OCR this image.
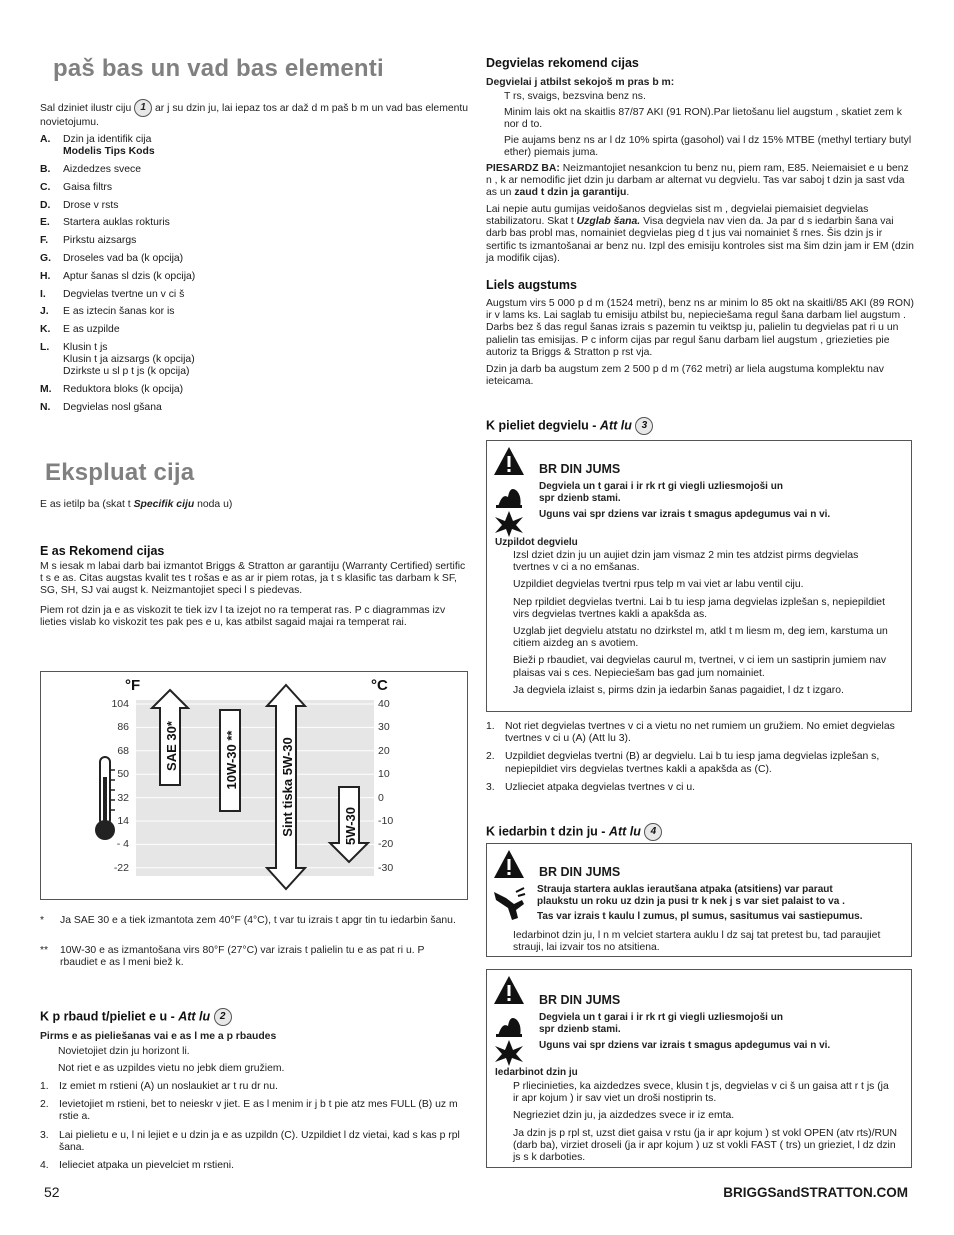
paš bas un vad bas elementi
Sal dziniet ilustr ciju 1 ar j su dzin ju, lai iepaz tos ar daž d m paš b m un vad bas elementu novietojumu.
A.	Dzin ja identifik cija
Modelis Tips Kods
B.	Aizdedzes svece
C.	Gaisa filtrs
D.	Drose v rsts
E.	Startera auklas rokturis
F.	Pirkstu aizsargs
G.	Droseles vad ba (k opcija)
H.	Aptur šanas sl dzis (k opcija)
I.	Degvielas tvertne un v ci š
J.	E as iztecin šanas kor is
K.	E as uzpilde
L.	Klusin t js
Klusin t ja aizsargs (k opcija)
Dzirkste u sl p t js (k opcija)
M.	Reduktora bloks (k opcija)
N.	Degvielas nosl gšana
Ekspluat cija
E as ietilp ba (skat t Specifik ciju noda u)
E as Rekomend cijas
M s iesak m labai darb bai izmantot Briggs & Stratton ar garantiju (Warranty Certified) sertific t s e as. Citas augstas kvalit tes t rošas e as ar ir piem rotas, ja t s klasific tas darbam k SF, SG, SH, SJ vai augst k. Neizmantojiet speci l s piedevas.
Piem rot dzin ja e as viskozit te tiek izv l ta izejot no ra temperat ras. P c diagrammas izv lieties vislab ko viskozit tes pak pes e u, kas atbilst sagaid majai ra temperat rai.
SAE 30*	10W-30 **	Sint tiska 5W-30	5W-30
°F	°C
104
86
68
50
32
14
- 4
-22
40
30
20
10
0
-10
-20
-30
*	Ja SAE 30 e a tiek izmantota zem 40°F (4°C), t var tu izrais t apgr tin tu iedarbin šanu.
**	10W-30 e as izmantošana virs 80°F (27°C) var izrais t palielin tu e as pat ri u. P rbaudiet e as l meni biež k.
K p rbaud t/pieliet e u - Att lu 2
Pirms e as pieliešanas vai e as l me a p rbaudes
Novietojiet dzin ju horizont li.
Not riet e as uzpildes vietu no jebk diem gružiem.
1. Iz emiet m rstieni (A) un noslaukiet ar t ru dr nu.
2. Ievietojiet m rstieni, bet to neieskr v jiet. E as l menim ir j b t pie atz mes FULL (B) uz m rstie a.
3. Lai pielietu e u, l ni lejiet e u dzin ja e as uzpildn (C). Uzpildiet l dz vietai, kad s kas p rpl šana.
4. Ielieciet atpaka un pievelciet m rstieni.
Degvielas rekomend cijas
Degvielai j atbilst sekojoš m pras b m:
T rs, svaigs, bezsvina benz ns.
Minim lais okt na skaitlis 87/87 AKI (91 RON).Par lietošanu liel augstum , skatiet zem k nor d to.
Pie aujams benz ns ar l dz 10% spirta (gasohol) vai l dz 15% MTBE (methyl tertiary butyl ether) piemais juma.
PIESARDZ BA: Neizmantojiet nesankcion tu benz nu, piem ram, E85. Neiemaisiet e u benz n , k ar nemodific jiet dzin ju darbam ar alternat vu degvielu. Tas var saboj t dzin ja sast vda as un zaud t dzin ja garantiju.
Lai nepie autu gumijas veidošanos degvielas sist m , degvielai piemaisiet degvielas stabilizatoru. Skat t Uzglab šana. Visa degviela nav vien da. Ja par d s iedarbin šana vai darb bas probl mas, nomainiet degvielas pieg d t jus vai nomainiet š rnes. Šis dzin js ir sertific ts izmantošanai ar benz nu. Izpl des emisiju kontroles sist ma šim dzin jam ir EM (dzin ja modifik cijas).
Liels augstums
Augstum virs 5 000 p d m (1524 metri), benz ns ar minim lo 85 okt na skaitli/85 AKI (89 RON) ir v lams ks. Lai saglab tu emisiju atbilst bu, nepieciešama regul šana darbam liel augstum . Darbs bez š das regul šanas izrais s pazemin tu veiktsp ju, palielin tu degvielas pat ri u un palielin tas emisijas. P c inform cijas par regul šanu darbam liel augstum , griezieties pie autoriz ta Briggs & Stratton p rst vja.
Dzin ja darb ba augstum zem 2 500 p d m (762 metri) ar liela augstuma komplektu nav ieteicama.
K pieliet degvielu - Att lu 3
BR DIN JUMS
Degviela un t garai i ir rk rt gi viegli uzliesmojoši un
spr dzienb stami.
Uguns vai spr dziens var izrais t smagus apdegumus vai n vi.
Uzpildot degvielu
Izsl dziet dzin ju un aujiet dzin jam vismaz 2 min tes atdzist pirms degvielas tvertnes v ci a no emšanas.
Uzpildiet degvielas tvertni rpus telp m vai viet ar labu ventil ciju.
Nep rpildiet degvielas tvertni. Lai b tu iesp jama degvielas izplešan s, nepiepildiet virs degvielas tvertnes kakli a apakšda as.
Uzglab jiet degvielu atstatu no dzirkstel m, atkl t m liesm m, deg iem, karstuma un citiem aizdeg an s avotiem.
Bieži p rbaudiet, vai degvielas caurul m, tvertnei, v ci iem un sastiprin jumiem nav plaisas vai s ces. Nepieciešam bas gad jum nomainiet.
Ja degviela izlaist s, pirms dzin ja iedarbin šanas pagaidiet, l dz t izgaro.
1. Not riet degvielas tvertnes v ci a vietu no net rumiem un gružiem. No emiet degvielas tvertnes v ci u (A) (Att lu 3).
2. Uzpildiet degvielas tvertni (B) ar degvielu. Lai b tu iesp jama degvielas izplešan s, nepiepildiet virs degvielas tvertnes kakli a apakšda as (C).
3. Uzlieciet atpaka degvielas tvertnes v ci u.
K iedarbin t dzin ju - Att lu 4
BR DIN JUMS
Strauja startera auklas ierautšana atpaka (atsitiens) var paraut
plaukstu un roku uz dzin ja pusi tr k nek j s var siet palaist to va .
Tas var izrais t kaulu l zumus, pl sumus, sasitumus vai sastiepumus.
Iedarbinot dzin ju, l n m velciet startera auklu l dz saj tat pretest bu, tad paraujiet strauji, lai izvair tos no atsitiena.
BR DIN JUMS
Degviela un t garai i ir rk rt gi viegli uzliesmojoši un
spr dzienb stami.
Uguns vai spr dziens var izrais t smagus apdegumus vai n vi.
Iedarbinot dzin ju
P rliecinieties, ka aizdedzes svece, klusin t js, degvielas v ci š un gaisa att r t js (ja ir apr kojum ) ir sav viet un droši nostiprin ts.
Negrieziet dzin ju, ja aizdedzes svece ir iz emta.
Ja dzin js p rpl st, uzst diet gaisa v rstu (ja ir apr kojum ) st vokl OPEN (atv rts)/RUN (darb ba), virziet droseli (ja ir apr kojum ) uz st vokli FAST ( trs) un grieziet, l dz dzin js s k darboties.
52	BRIGGSandSTRATTON.COM
